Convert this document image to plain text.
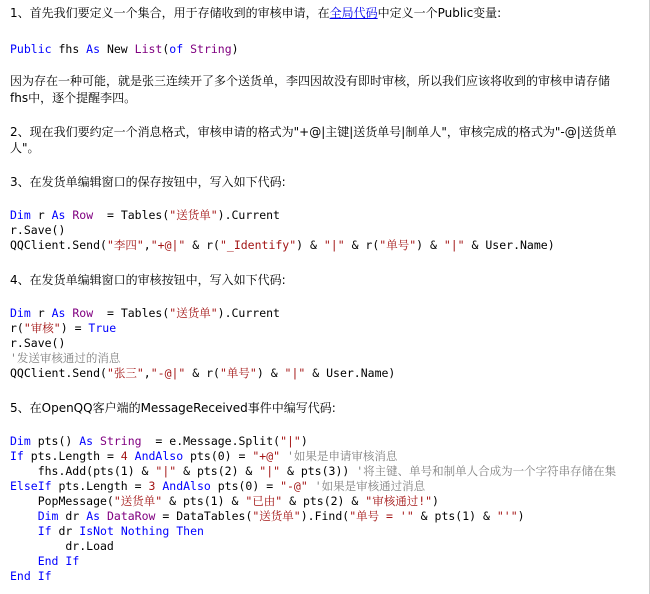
1、首先我们要定义一个集合，用于存储收到的审核申请，在全局代码中定义一个Public变量:
Public fhs As New List(of String)
因为存在一种可能，就是张三连续开了多个送货单，李四因故没有即时审核，所以我们应该将收到的审核申请存储
fhs中，逐个提醒李四。
2、现在我们要约定一个消息格式，审核申请的格式为"+@|主键|送货单号|制单人"，审核完成的格式为"-@|送货单
人"。
3、在发货单编辑窗口的保存按钮中，写入如下代码:
Dim r As Row  = Tables("送货单").Current
r.Save()
QQClient.Send("李四","+@|" & r("_Identify") & "|" & r("单号") & "|" & User.Name)
4、在发货单编辑窗口的审核按钮中，写入如下代码:
Dim r As Row  = Tables("送货单").Current
r("审核") = True
r.Save()
'发送审核通过的消息
QQClient.Send("张三","-@|" & r("单号") & "|" & User.Name)
5、在OpenQQ客户端的MessageReceived事件中编写代码:
Dim pts() As String  = e.Message.Split("|")
If pts.Length = 4 AndAlso pts(0) = "+@" '如果是申请审核消息
fhs.Add(pts(1) & "|" & pts(2) & "|" & pts(3)) '将主键、单号和制单人合成为一个字符串存储在集
ElseIf pts.Length = 3 AndAlso pts(0) = "-@" '如果是审核通过消息
PopMessage("送货单" & pts(1) & "已由" & pts(2) & "审核通过!")
Dim dr As DataRow = DataTables("送货单").Find("单号 = '" & pts(1) & "'")
If dr IsNot Nothing Then
dr.Load
End If
End If
